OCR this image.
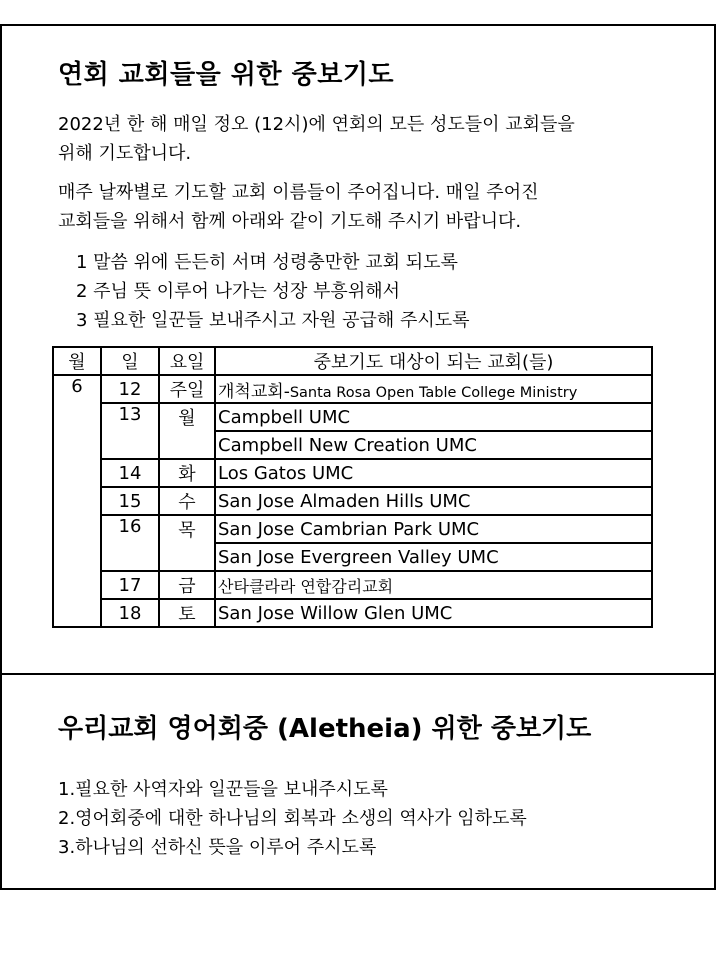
연회 교회들을 위한 중보기도
2022년 한 해 매일 정오 (12시)에 연회의 모든 성도들이 교회들을
위해 기도합니다.
매주 날짜별로 기도할 교회 이름들이 주어집니다. 매일 주어진
교회들을 위해서 함께 아래와 같이 기도해 주시기 바랍니다.
1 말씀 위에 든든히 서며 성령충만한 교회 되도록
2 주님 뜻 이루어 나가는 성장 부흥위해서
3 필요한 일꾼들 보내주시고 자원 공급해 주시도록
월	일	요일	중보기도 대상이 되는 교회(들)
6	12	주일	개척교회-Santa Rosa Open Table College Ministry
	13	월	Campbell UMC
			Campbell New Creation UMC
	14	화	Los Gatos UMC
	15	수	San Jose Almaden Hills UMC
	16	목	San Jose Cambrian Park UMC
			San Jose Evergreen Valley UMC
	17	금	산타클라라 연합감리교회
	18	토	San Jose Willow Glen UMC
우리교회 영어회중 (Aletheia) 위한 중보기도
1.필요한 사역자와 일꾼들을 보내주시도록
2.영어회중에 대한 하나님의 회복과 소생의 역사가 임하도록
3.하나님의 선하신 뜻을 이루어 주시도록
